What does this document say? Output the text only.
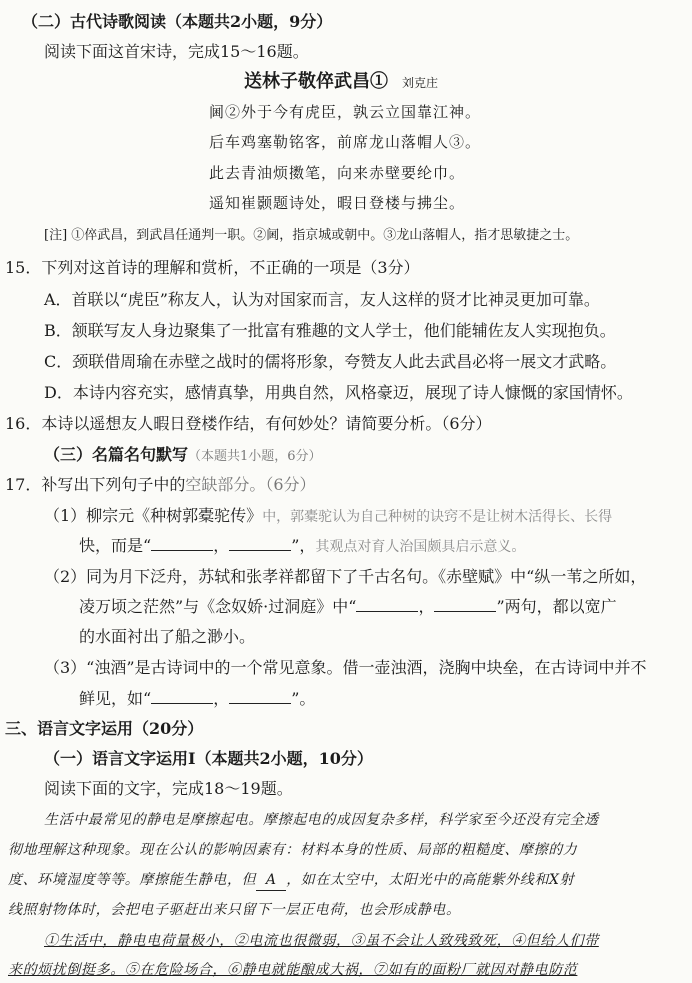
（二）古代诗歌阅读（本题共2小题，9分）
阅读下面这首宋诗，完成15～16题。
送林子敬倅武昌① 刘克庄
阃②外于今有虎臣，孰云立国靠江神。
后车鸡塞勒铭客，前席龙山落帽人③。
此去青油烦擞笔，向来赤壁要纶巾。
遥知崔颢题诗处，暇日登楼与拂尘。
[注] ①倅武昌，到武昌任通判一职。②阃，指京城或朝中。③龙山落帽人，指才思敏捷之士。
15．下列对这首诗的理解和赏析，不正确的一项是（3分）
A．首联以“虎臣”称友人，认为对国家而言，友人这样的贤才比神灵更加可靠。
B．颔联写友人身边聚集了一批富有雅趣的文人学士，他们能辅佐友人实现抱负。
C．颈联借周瑜在赤壁之战时的儒将形象，夸赞友人此去武昌必将一展文才武略。
D．本诗内容充实，感情真挚，用典自然，风格豪迈，展现了诗人慷慨的家国情怀。
16．本诗以遥想友人暇日登楼作结，有何妙处？请简要分析。（6分）
（三）名篇名句默写（本题共1小题，6分）
17．补写出下列句子中的空缺部分。（6分）
（1）柳宗元《种树郭橐驼传》中，郭橐驼认为自己种树的诀窍不是让树木活得长、长得
快，而是“	，	”，其观点对育人治国颇具启示意义。
（2）同为月下泛舟，苏轼和张孝祥都留下了千古名句。《赤壁赋》中“纵一苇之所如，
凌万顷之茫然”与《念奴娇·过洞庭》中“	，	”两句，都以宽广
的水面衬出了船之渺小。
（3）“浊酒”是古诗词中的一个常见意象。借一壶浊酒，浇胸中块垒，在古诗词中并不
鲜见，如“	，	”。
三、语言文字运用（20分）
（一）语言文字运用Ⅰ（本题共2小题，10分）
阅读下面的文字，完成18～19题。
生活中最常见的静电是摩擦起电。摩擦起电的成因复杂多样，科学家至今还没有完全透
彻地理解这种现象。现在公认的影响因素有：材料本身的性质、局部的粗糙度、摩擦的力
度、环境湿度等等。摩擦能生静电，但 A ，如在太空中，太阳光中的高能紫外线和X射
线照射物体时，会把电子驱赶出来只留下一层正电荷，也会形成静电。
①生活中，静电电荷量极小，②电流也很微弱，③虽不会让人致残致死，④但给人们带
来的烦扰倒挺多。⑤在危险场合，⑥静电就能酿成大祸，⑦如有的面粉厂就因对静电防范
